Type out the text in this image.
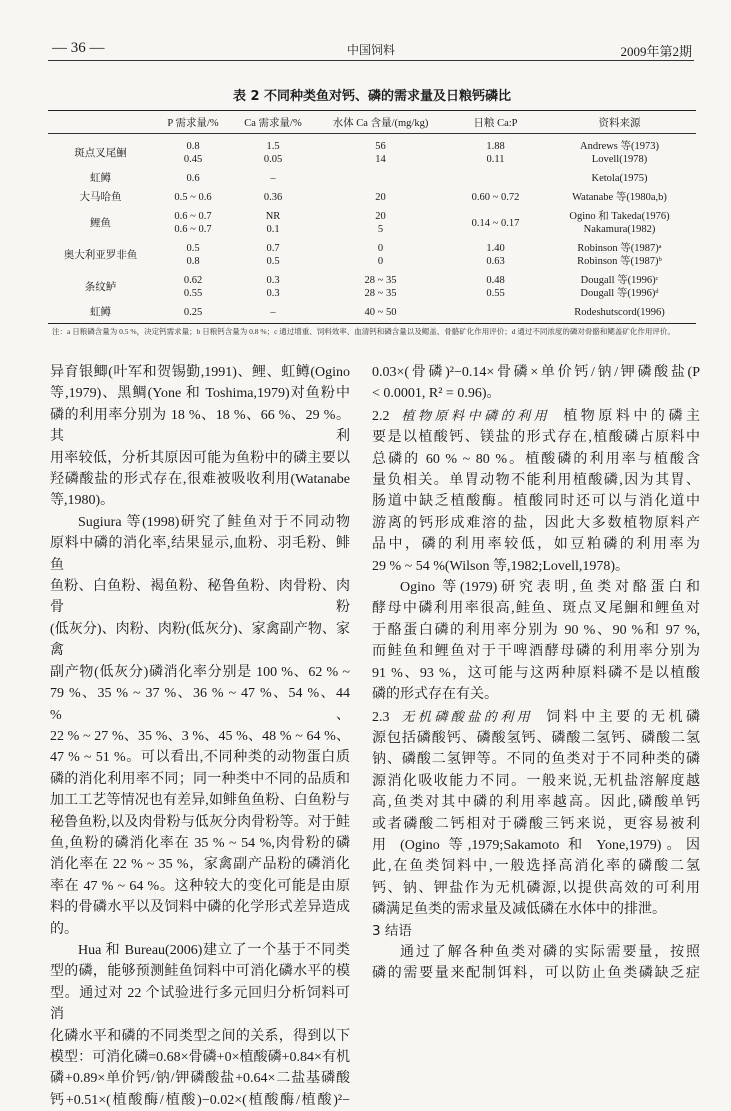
— 36 —	中国饲料	2009年第2期
表 2 不同种类鱼对钙、磷的需求量及日粮钙磷比
	P 需求量/%	Ca 需求量/%	水体 Ca 含量/(mg/kg)	日粮 Ca:P	资料来源
斑点叉尾鮰	0.8	1.5	56	1.88	Andrews 等(1973)
	0.45	0.05	14	0.11	Lovell(1978)
虹鳟	0.6	–			Ketola(1975)
大马哈鱼	0.5 ~ 0.6	0.36	20	0.60 ~ 0.72	Watanabe 等(1980a,b)
鲤鱼	0.6 ~ 0.7	NR	20	0.14 ~ 0.17	Ogino 和 Takeda(1976)
	0.6 ~ 0.7	0.1	5		Nakamura(1982)
奥大利亚罗非鱼	0.5	0.7	0	1.40	Robinson 等(1987)ᵃ
	0.8	0.5	0	0.63	Robinson 等(1987)ᵇ
条纹鲈	0.62	0.3	28 ~ 35	0.48	Dougall 等(1996)ᶜ
	0.55	0.3	28 ~ 35	0.55	Dougall 等(1996)ᵈ
虹鳟	0.25	–	40 ~ 50		Rodeshutscord(1996)
注：a 日粮磷含量为 0.5 %，决定钙需求量；b 日粮钙含量为 0.8 %；c 通过增重、饲料效率、血清钙和磷含量以及鳃盖、骨骼矿化作用评价；d 通过不同浓度的磷对骨骼和鳃盖矿化作用评价。
异育银鲫(叶军和贺锡勤,1991)、鲤、虹鳟(Ogino
等,1979)、黑鲷(Yone 和 Toshima,1979)对鱼粉中
磷的利用率分别为 18 %、18 %、66 %、29 %。其利
用率较低，分析其原因可能为鱼粉中的磷主要以
羟磷酸盐的形式存在,很难被吸收利用(Watanabe
等,1980)。
Sugiura 等(1998)研究了鲑鱼对于不同动物
原料中磷的消化率,结果显示,血粉、羽毛粉、鲱鱼
鱼粉、白鱼粉、褐鱼粉、秘鲁鱼粉、肉骨粉、肉骨粉
(低灰分)、肉粉、肉粉(低灰分)、家禽副产物、家禽
副产物(低灰分)磷消化率分别是 100 %、62 % ~
79 %、35 % ~ 37 %、36 % ~ 47 %、54 %、44 %、
22 % ~ 27 %、35 %、3 %、45 %、48 % ~ 64 %、
47 % ~ 51 %。可以看出,不同种类的动物蛋白质
磷的消化利用率不同；同一种类中不同的品质和
加工工艺等情况也有差异,如鲱鱼鱼粉、白鱼粉与
秘鲁鱼粉,以及肉骨粉与低灰分肉骨粉等。对于鲑
鱼,鱼粉的磷消化率在 35 % ~ 54 %,肉骨粉的磷
消化率在 22 % ~ 35 %，家禽副产品粉的磷消化
率在 47 % ~ 64 %。这种较大的变化可能是由原
料的骨磷水平以及饲料中磷的化学形式差异造成
的。
Hua 和 Bureau(2006)建立了一个基于不同类
型的磷，能够预测鲑鱼饲料中可消化磷水平的模
型。通过对 22 个试验进行多元回归分析饲料可消
化磷水平和磷的不同类型之间的关系，得到以下
模型：可消化磷=0.68×骨磷+0×植酸磷+0.84×有机
磷+0.89×单价钙/钠/钾磷酸盐+0.64×二盐基磷酸
钙+0.51×(植酸酶/植酸)−0.02×(植酸酶/植酸)²−
0.03×(骨磷)²−0.14×骨磷×单价钙/钠/钾磷酸盐(P
< 0.0001, R² = 0.96)。
2.2 植物原料中磷的利用 植物原料中的磷主
要是以植酸钙、镁盐的形式存在,植酸磷占原料中
总磷的 60 % ~ 80 %。植酸磷的利用率与植酸含
量负相关。单胃动物不能利用植酸磷,因为其胃、
肠道中缺乏植酸酶。植酸同时还可以与消化道中
游离的钙形成难溶的盐，因此大多数植物原料产
品中，磷的利用率较低，如豆粕磷的利用率为
29 % ~ 54 %(Wilson 等,1982;Lovell,1978)。
Ogino 等(1979)研究表明,鱼类对酪蛋白和
酵母中磷利用率很高,鲑鱼、斑点叉尾鮰和鲤鱼对
于酪蛋白磷的利用率分别为 90 %、90 %和 97 %,
而鲑鱼和鲤鱼对于干啤酒酵母磷的利用率分别为
91 %、93 %，这可能与这两种原料磷不是以植酸
磷的形式存在有关。
2.3 无机磷酸盐的利用 饲料中主要的无机磷
源包括磷酸钙、磷酸氢钙、磷酸二氢钙、磷酸二氢
钠、磷酸二氢钾等。不同的鱼类对于不同种类的磷
源消化吸收能力不同。一般来说,无机盐溶解度越
高,鱼类对其中磷的利用率越高。因此,磷酸单钙
或者磷酸二钙相对于磷酸三钙来说，更容易被利
用 (Ogino 等,1979;Sakamoto 和 Yone,1979)。因
此,在鱼类饲料中,一般选择高消化率的磷酸二氢
钙、钠、钾盐作为无机磷源,以提供高效的可利用
磷满足鱼类的需求量及减低磷在水体中的排泄。
3 结语
通过了解各种鱼类对磷的实际需要量，按照
磷的需要量来配制饵料，可以防止鱼类磷缺乏症
